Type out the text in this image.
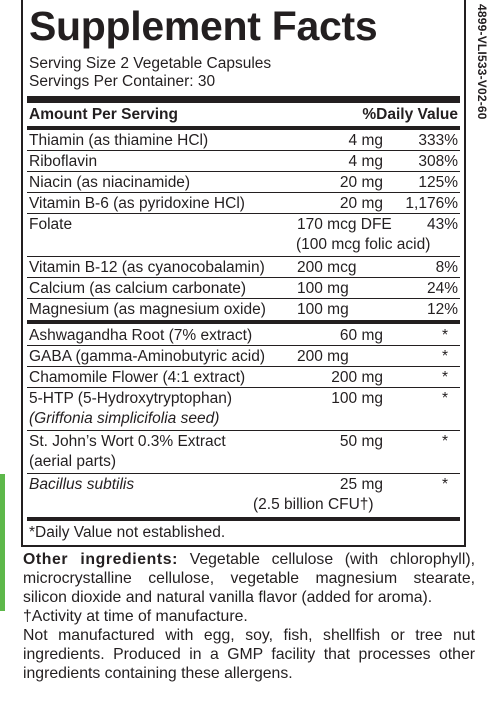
Supplement Facts
Serving Size 2 Vegetable Capsules
Servings Per Container: 30
Amount Per Serving	%Daily Value
Thiamin (as thiamine HCl)	4 mg 333%
Riboflavin	4 mg 308%
Niacin (as niacinamide)	20 mg 125%
Vitamin B-6 (as pyridoxine HCl)	20 mg 1,176%
Folate	170 mcg DFE 43%
(100 mcg folic acid)
Vitamin B-12 (as cyanocobalamin) 200 mcg	8%
Calcium (as calcium carbonate)	100 mg	24%
Magnesium (as magnesium oxide) 100 mg	12%
Ashwagandha Root (7% extract)	60 mg	*
GABA (gamma-Aminobutyric acid) 200 mg	*
Chamomile Flower (4:1 extract)	200 mg	*
5-HTP (5-Hydroxytryptophan)	100 mg	*
(Griffonia simplicifolia seed)
St. John’s Wort 0.3% Extract	50 mg	*
(aerial parts)
Bacillus subtilis	25 mg	*
(2.5 billion CFU†)
*Daily Value not established.
4899-VLI533-V02-60

Other ingredients: Vegetable cellulose (with chlorophyll), microcrystalline cellulose, vegetable magnesium stearate, silicon dioxide and natural vanilla flavor (added for aroma).

†Activity at time of manufacture.

Not manufactured with egg, soy, fish, shellfish or tree nut ingredients. Produced in a GMP facility that processes other ingredients containing these allergens.
